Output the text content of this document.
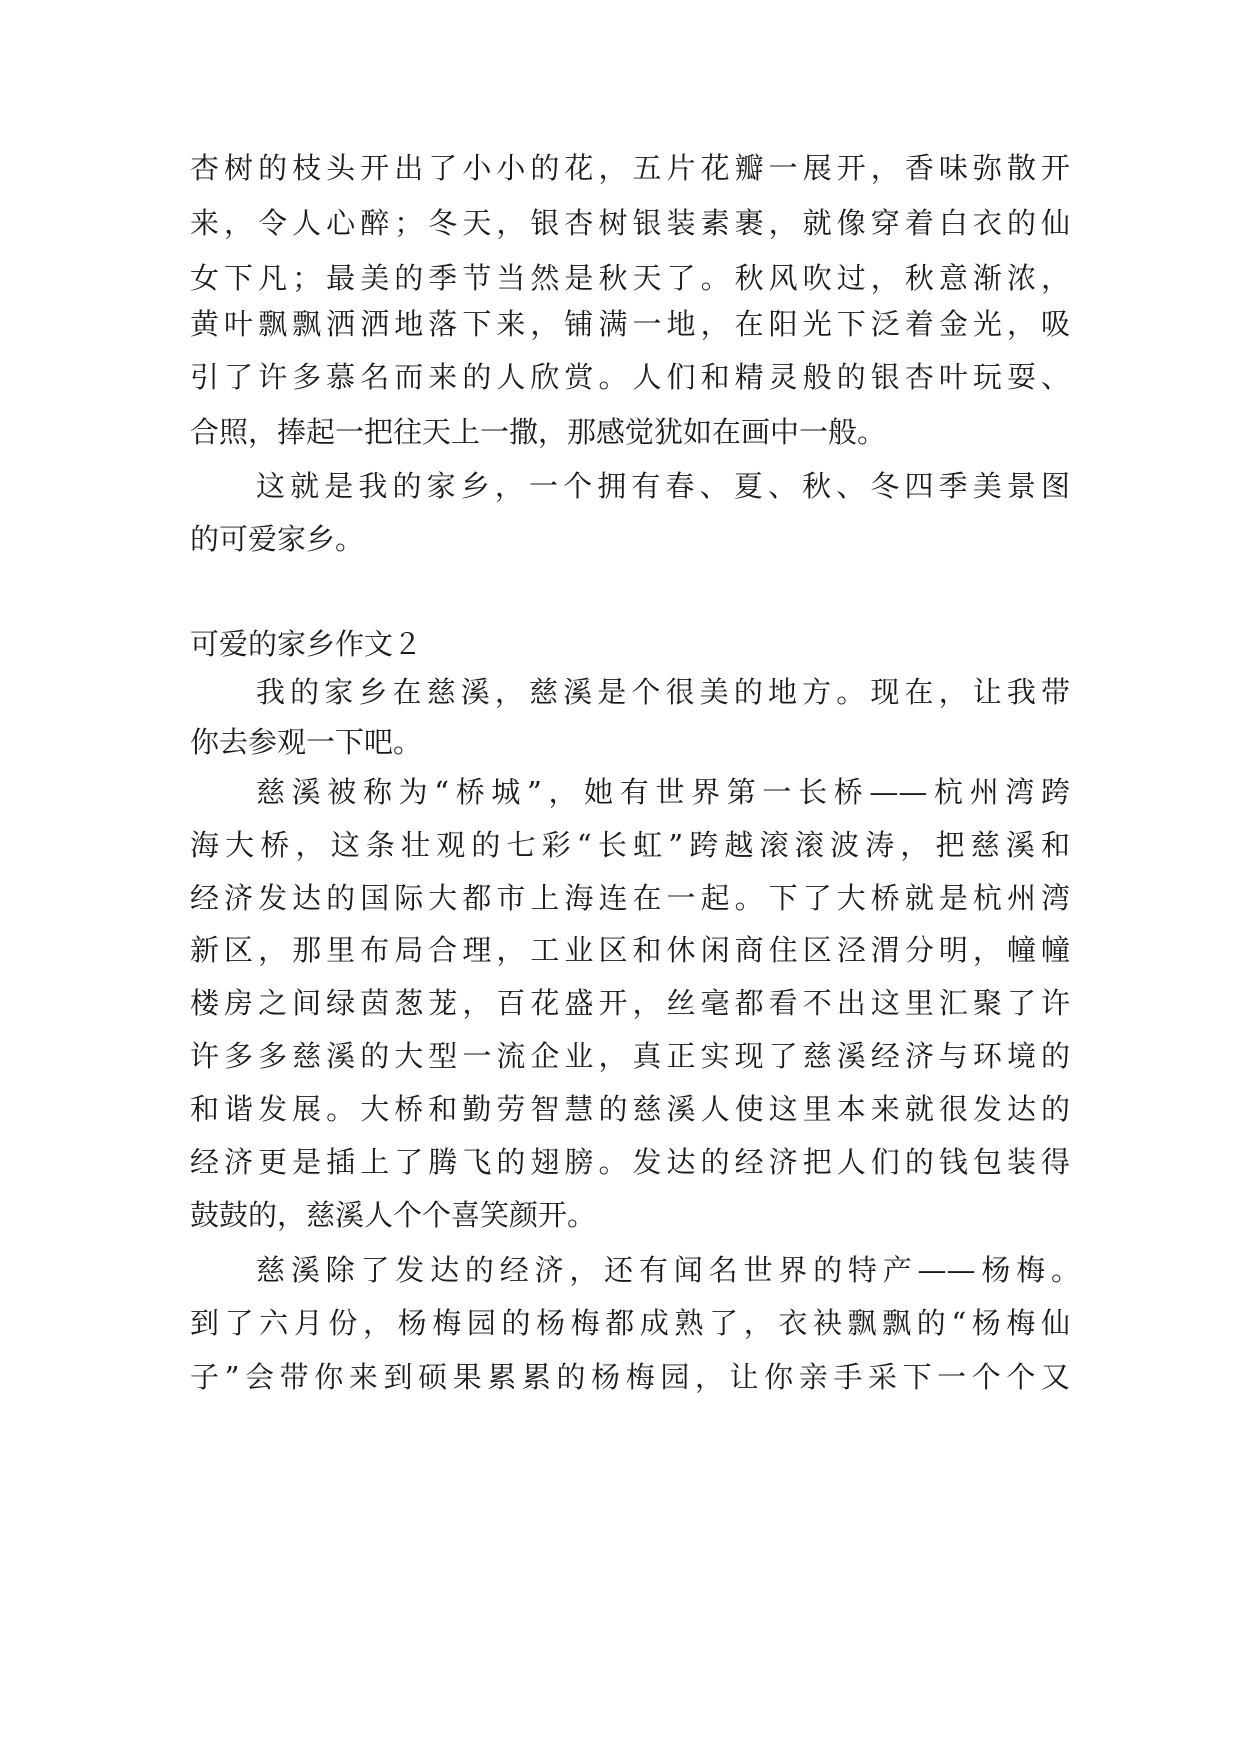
杏树的枝头开出了小小的花，五片花瓣一展开，香味弥散开
来，令人心醉；冬天，银杏树银装素裹，就像穿着白衣的仙
女下凡；最美的季节当然是秋天了。秋风吹过，秋意渐浓，
黄叶飘飘洒洒地落下来，铺满一地，在阳光下泛着金光，吸
引了许多慕名而来的人欣赏。人们和精灵般的银杏叶玩耍、
合照，捧起一把往天上一撒，那感觉犹如在画中一般。
这就是我的家乡，一个拥有春、夏、秋、冬四季美景图
的可爱家乡。
可爱的家乡作文２
我的家乡在慈溪，慈溪是个很美的地方。现在，让我带
你去参观一下吧。
慈溪被称为“桥城”，她有世界第一长桥——杭州湾跨
海大桥，这条壮观的七彩“长虹”跨越滚滚波涛，把慈溪和
经济发达的国际大都市上海连在一起。下了大桥就是杭州湾
新区，那里布局合理，工业区和休闲商住区泾渭分明，幢幢
楼房之间绿茵葱茏，百花盛开，丝毫都看不出这里汇聚了许
许多多慈溪的大型一流企业，真正实现了慈溪经济与环境的
和谐发展。大桥和勤劳智慧的慈溪人使这里本来就很发达的
经济更是插上了腾飞的翅膀。发达的经济把人们的钱包装得
鼓鼓的，慈溪人个个喜笑颜开。
慈溪除了发达的经济，还有闻名世界的特产——杨梅。
到了六月份，杨梅园的杨梅都成熟了，衣袂飘飘的“杨梅仙
子”会带你来到硕果累累的杨梅园，让你亲手采下一个个又
